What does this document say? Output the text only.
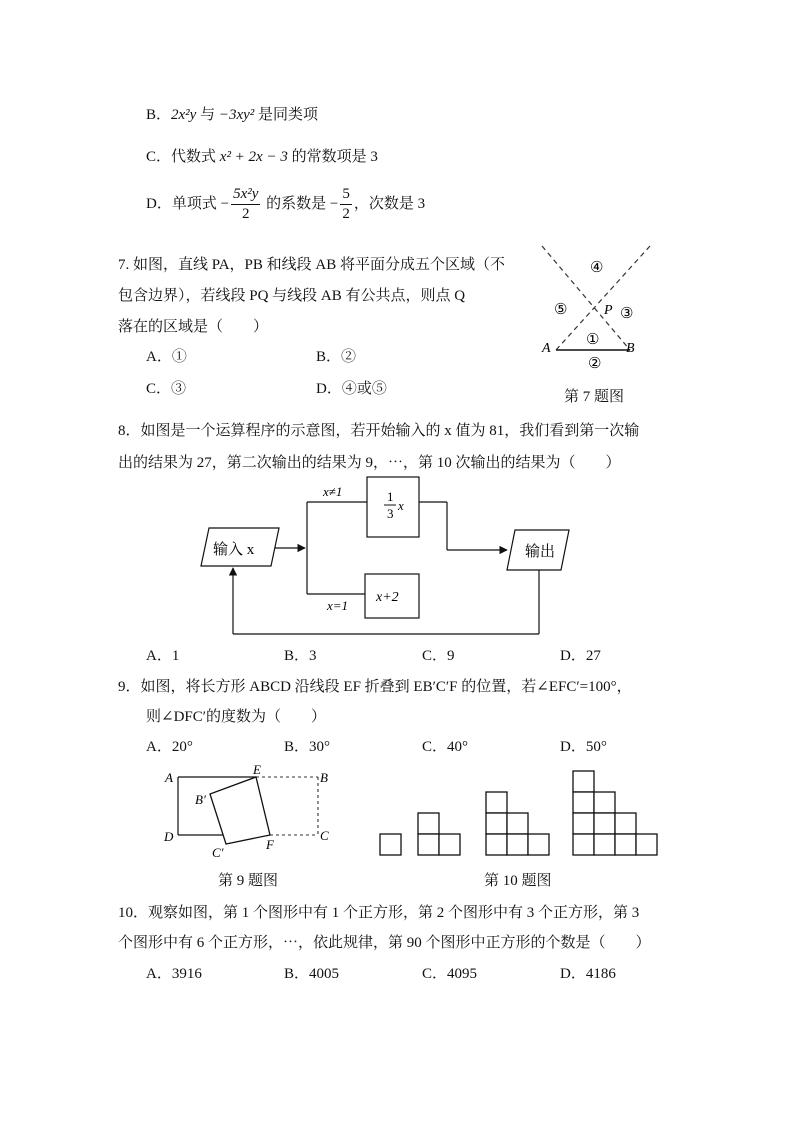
B．2x²y 与 −3xy² 是同类项
C．代数式 x² + 2x − 3 的常数项是 3
D．单项式 − $\frac{\text{5x²y}}{2}$ 的系数是 − $\frac{5}{2}$ ，次数是 3
7. 如图，直线 PA，PB 和线段 AB 将平面分成五个区域（不
包含边界），若线段 PQ 与线段 AB 有公共点，则点 Q
落在的区域是（　　）
A．①	B．②
C．③	D．④或⑤
④
⑤	③
P
①
②
A	B
第 7 题图
8．如图是一个运算程序的示意图，若开始输入的 x 值为 81，我们看到第一次输
出的结果为 27，第二次输出的结果为 9，⋯，第 10 次输出的结果为（　　）
输入 x
1
3
x
x≠1
x+2
x=1
输出
A．1	B．3	C．9	D．27
9．如图，将长方形 ABCD 沿线段 EF 折叠到 EB′C′F 的位置，若∠EFC′=100°，
则∠DFC′的度数为（　　）
A．20°	B．30°	C．40°	D．50°
A
E
B
B′
D	C
F
C′
第 9 题图	第 10 题图
10．观察如图，第 1 个图形中有 1 个正方形，第 2 个图形中有 3 个正方形，第 3
个图形中有 6 个正方形，⋯，依此规律，第 90 个图形中正方形的个数是（　　）
A．3916	B．4005	C．4095	D．4186
